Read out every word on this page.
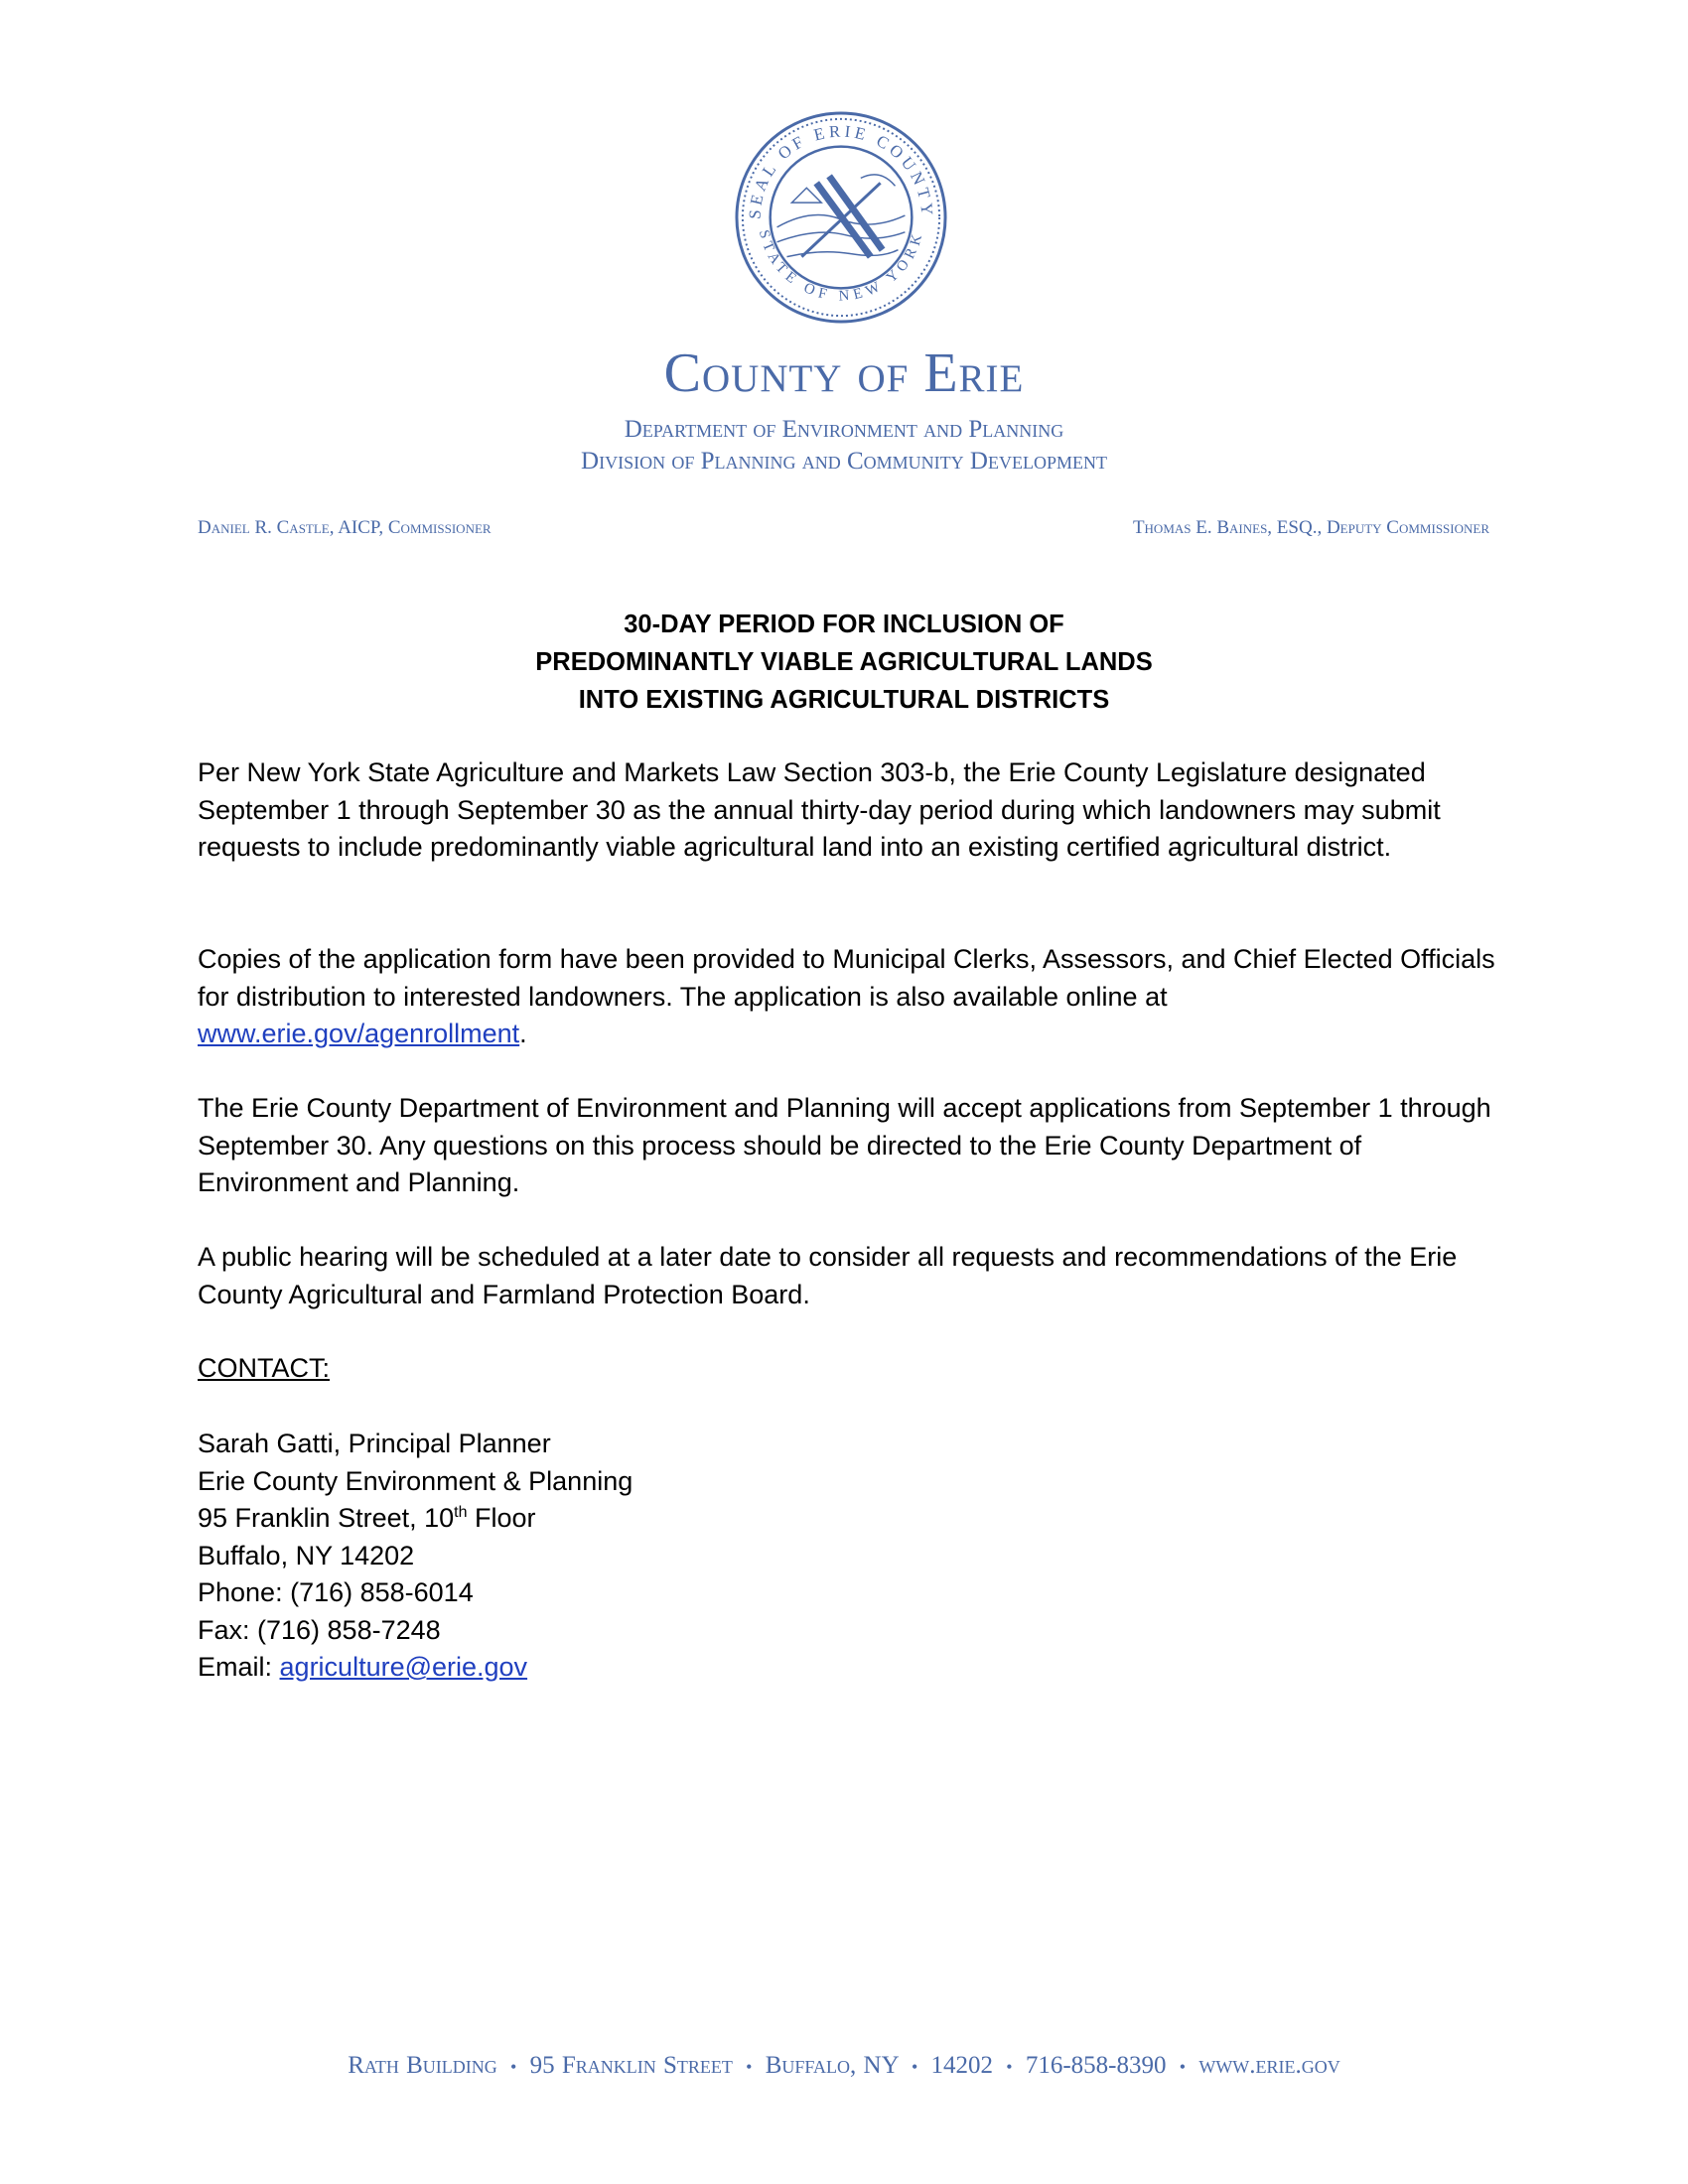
SEAL OF ERIE COUNTY
STATE OF NEW YORK
County of Erie
Department of Environment and Planning
Division of Planning and Community Development
Daniel R. Castle, AICP, Commissioner	Thomas E. Baines, ESQ., Deputy Commissioner
30-DAY PERIOD FOR INCLUSION OF
PREDOMINANTLY VIABLE AGRICULTURAL LANDS
INTO EXISTING AGRICULTURAL DISTRICTS
Per New York State Agriculture and Markets Law Section 303-b, the Erie County Legislature designated September 1 through September 30 as the annual thirty-day period during which landowners may submit requests to include predominantly viable agricultural land into an existing certified agricultural district.
Copies of the application form have been provided to Municipal Clerks, Assessors, and Chief Elected Officials for distribution to interested landowners. The application is also available online at www.erie.gov/agenrollment.
The Erie County Department of Environment and Planning will accept applications from September 1 through September 30. Any questions on this process should be directed to the Erie County Department of Environment and Planning.
A public hearing will be scheduled at a later date to consider all requests and recommendations of the Erie County Agricultural and Farmland Protection Board.
CONTACT:
Sarah Gatti, Principal Planner
Erie County Environment & Planning
95 Franklin Street, 10th Floor
Buffalo, NY 14202
Phone: (716) 858-6014
Fax: (716) 858-7248
Email: agriculture@erie.gov
Rath Building • 95 Franklin Street • Buffalo, NY • 14202 • 716-858-8390 • www.erie.gov
